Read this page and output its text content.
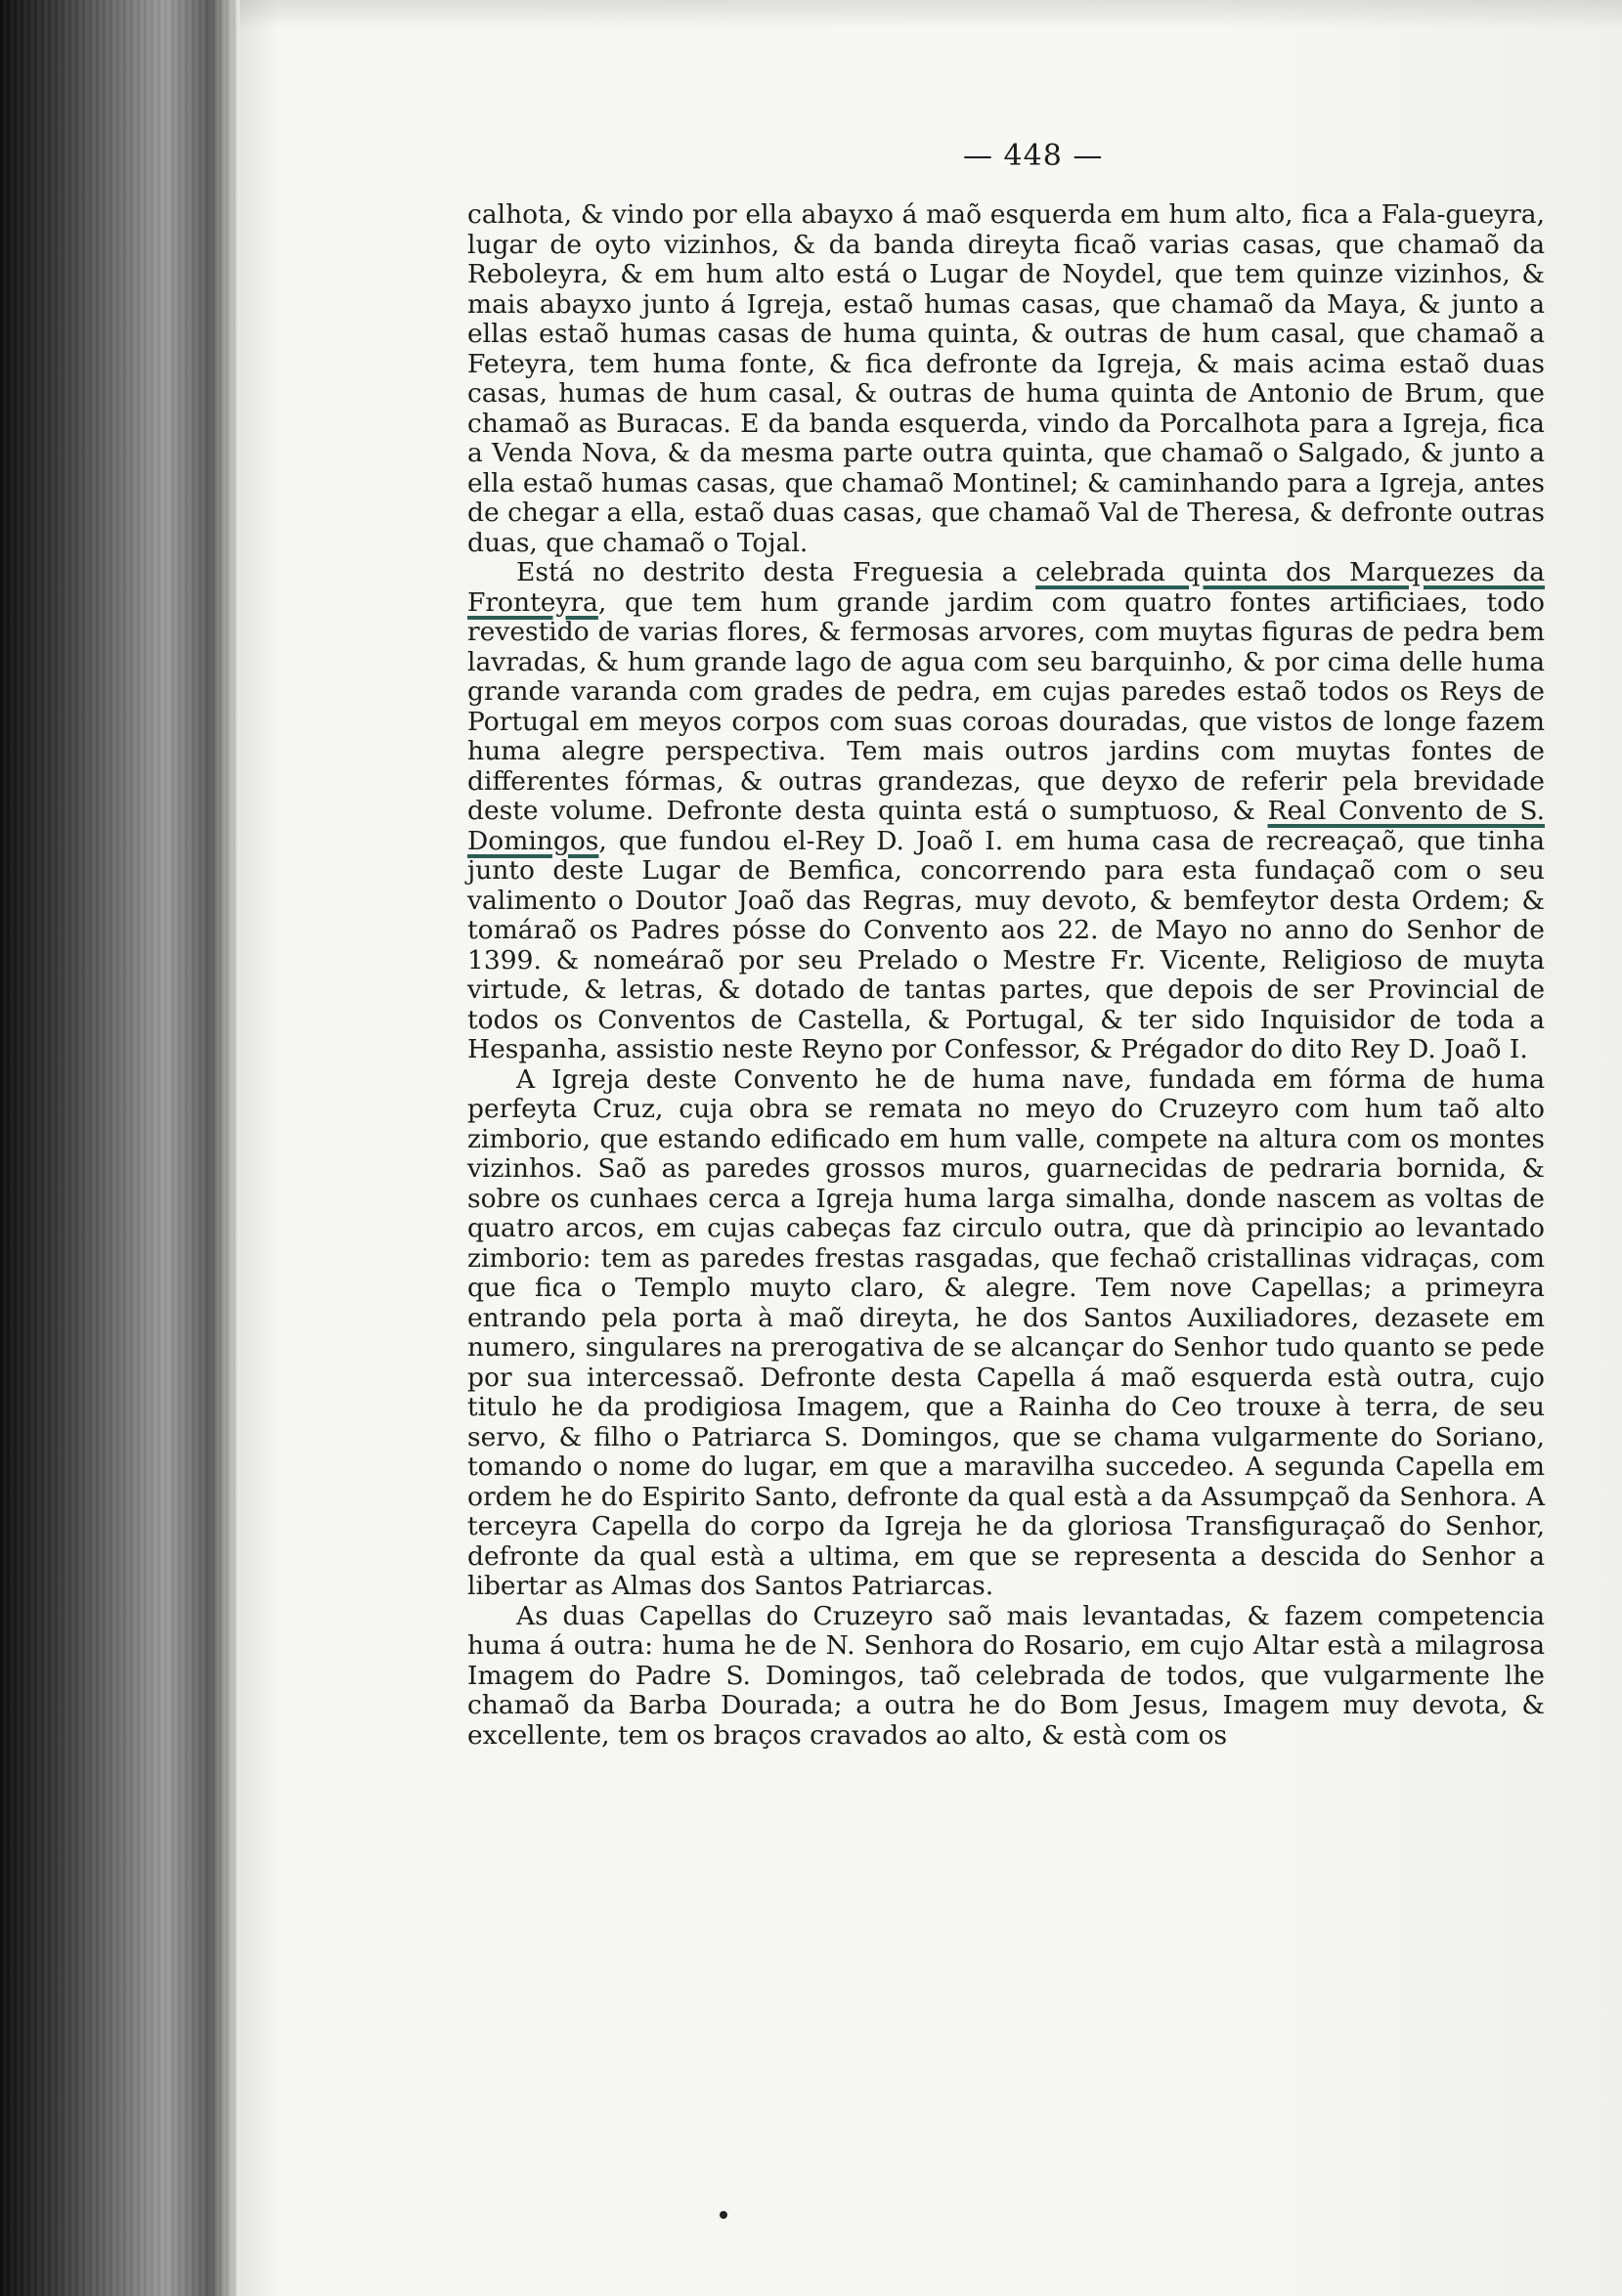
— 448 —

calhota, & vindo por ella abayxo á maõ esquerda em hum alto, fica a Fala-gueyra, lugar de oyto vizinhos, & da banda direyta ficaõ varias casas, que chamaõ da Reboleyra, & em hum alto está o Lugar de Noydel, que tem quinze vizinhos, & mais abayxo junto á Igreja, estaõ humas casas, que chamaõ da Maya, & junto a ellas estaõ humas casas de huma quinta, & outras de hum casal, que chamaõ a Feteyra, tem huma fonte, & fica defronte da Igreja, & mais acima estaõ duas casas, humas de hum casal, & outras de huma quinta de Antonio de Brum, que chamaõ as Buracas. E da banda esquerda, vindo da Porcalhota para a Igreja, fica a Venda Nova, & da mesma parte outra quinta, que chamaõ o Salgado, & junto a ella estaõ humas casas, que chamaõ Montinel; & caminhando para a Igreja, antes de chegar a ella, estaõ duas casas, que chamaõ Val de Theresa, & defronte outras duas, que chamaõ o Tojal.

Está no destrito desta Freguesia a celebrada quinta dos Marquezes da Fronteyra, que tem hum grande jardim com quatro fontes artificiaes, todo revestido de varias flores, & fermosas arvores, com muytas figuras de pedra bem lavradas, & hum grande lago de agua com seu barquinho, & por cima delle huma grande varanda com grades de pedra, em cujas paredes estaõ todos os Reys de Portugal em meyos corpos com suas coroas douradas, que vistos de longe fazem huma alegre perspectiva. Tem mais outros jardins com muytas fontes de differentes fórmas, & outras grandezas, que deyxo de referir pela brevidade deste volume. Defronte desta quinta está o sumptuoso, & Real Convento de S. Domingos, que fundou el-Rey D. Joaõ I. em huma casa de recreaçaõ, que tinha junto deste Lugar de Bemfica, concorrendo para esta fundaçaõ com o seu valimento o Doutor Joaõ das Regras, muy devoto, & bemfeytor desta Ordem; & tomáraõ os Padres pósse do Convento aos 22. de Mayo no anno do Senhor de 1399. & nomeáraõ por seu Prelado o Mestre Fr. Vicente, Religioso de muyta virtude, & letras, & dotado de tantas partes, que depois de ser Provincial de todos os Conventos de Castella, & Portugal, & ter sido Inquisidor de toda a Hespanha, assistio neste Reyno por Confessor, & Prégador do dito Rey D. Joaõ I.

A Igreja deste Convento he de huma nave, fundada em fórma de huma perfeyta Cruz, cuja obra se remata no meyo do Cruzeyro com hum taõ alto zimborio, que estando edificado em hum valle, compete na altura com os montes vizinhos. Saõ as paredes grossos muros, guarnecidas de pedraria bornida, & sobre os cunhaes cerca a Igreja huma larga simalha, donde nascem as voltas de quatro arcos, em cujas cabeças faz circulo outra, que dà principio ao levantado zimborio: tem as paredes frestas rasgadas, que fechaõ cristallinas vidraças, com que fica o Templo muyto claro, & alegre. Tem nove Capellas; a primeyra entrando pela porta à maõ direyta, he dos Santos Auxiliadores, dezasete em numero, singulares na prerogativa de se alcançar do Senhor tudo quanto se pede por sua intercessaõ. Defronte desta Capella á maõ esquerda està outra, cujo titulo he da prodigiosa Imagem, que a Rainha do Ceo trouxe à terra, de seu servo, & filho o Patriarca S. Domingos, que se chama vulgarmente do Soriano, tomando o nome do lugar, em que a maravilha succedeo. A segunda Capella em ordem he do Espirito Santo, defronte da qual està a da Assumpçaõ da Senhora. A terceyra Capella do corpo da Igreja he da gloriosa Transfiguraçaõ do Senhor, defronte da qual està a ultima, em que se representa a descida do Senhor a libertar as Almas dos Santos Patriarcas.

As duas Capellas do Cruzeyro saõ mais levantadas, & fazem competencia huma á outra: huma he de N. Senhora do Rosario, em cujo Altar està a milagrosa Imagem do Padre S. Domingos, taõ celebrada de todos, que vulgarmente lhe chamaõ da Barba Dourada; a outra he do Bom Jesus, Imagem muy devota, & excellente, tem os braços cravados ao alto, & està com os
